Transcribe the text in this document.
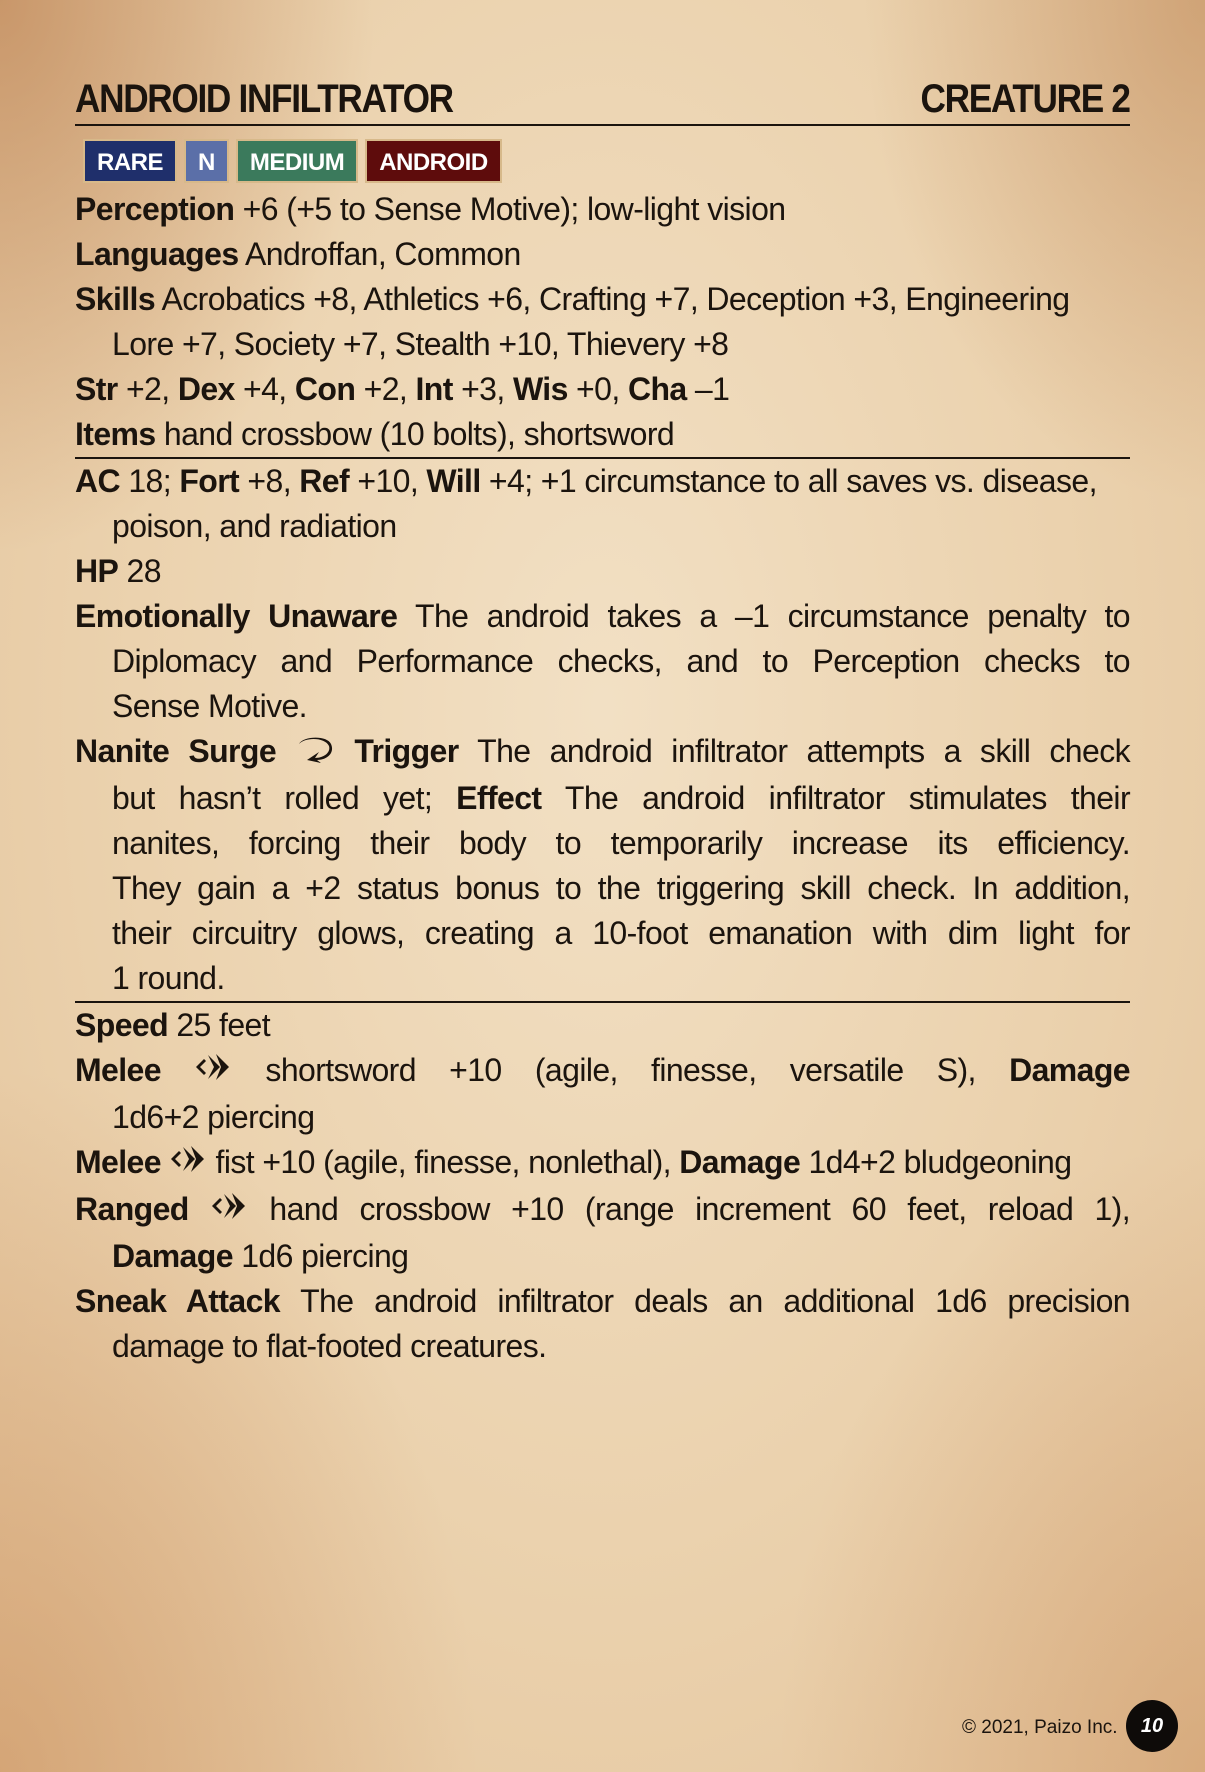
ANDROID INFILTRATOR	CREATURE 2
RARE	N	MEDIUM	ANDROID
Perception +6 (+5 to Sense Motive); low-light vision
Languages Androffan, Common
Skills Acrobatics +8, Athletics +6, Crafting +7, Deception +3, Engineering
Lore +7, Society +7, Stealth +10, Thievery +8
Str +2, Dex +4, Con +2, Int +3, Wis +0, Cha –1
Items hand crossbow (10 bolts), shortsword
AC 18; Fort +8, Ref +10, Will +4; +1 circumstance to all saves vs. disease,
poison, and radiation
HP 28
Emotionally Unaware The android takes a –1 circumstance penalty to
Diplomacy and Performance checks, and to Perception checks to
Sense Motive.
Nanite Surge Trigger The android infiltrator attempts a skill check
but hasn’t rolled yet; Effect The android infiltrator stimulates their
nanites, forcing their body to temporarily increase its efficiency.
They gain a +2 status bonus to the triggering skill check. In addition,
their circuitry glows, creating a 10-foot emanation with dim light for
1 round.
Speed 25 feet
Melee  shortsword +10 (agile, finesse, versatile S), Damage
1d6+2 piercing
Melee  fist +10 (agile, finesse, nonlethal), Damage 1d4+2 bludgeoning
Ranged  hand crossbow +10 (range increment 60 feet, reload 1),
Damage 1d6 piercing
Sneak Attack The android infiltrator deals an additional 1d6 precision
damage to flat-footed creatures.
© 2021, Paizo Inc.	10
